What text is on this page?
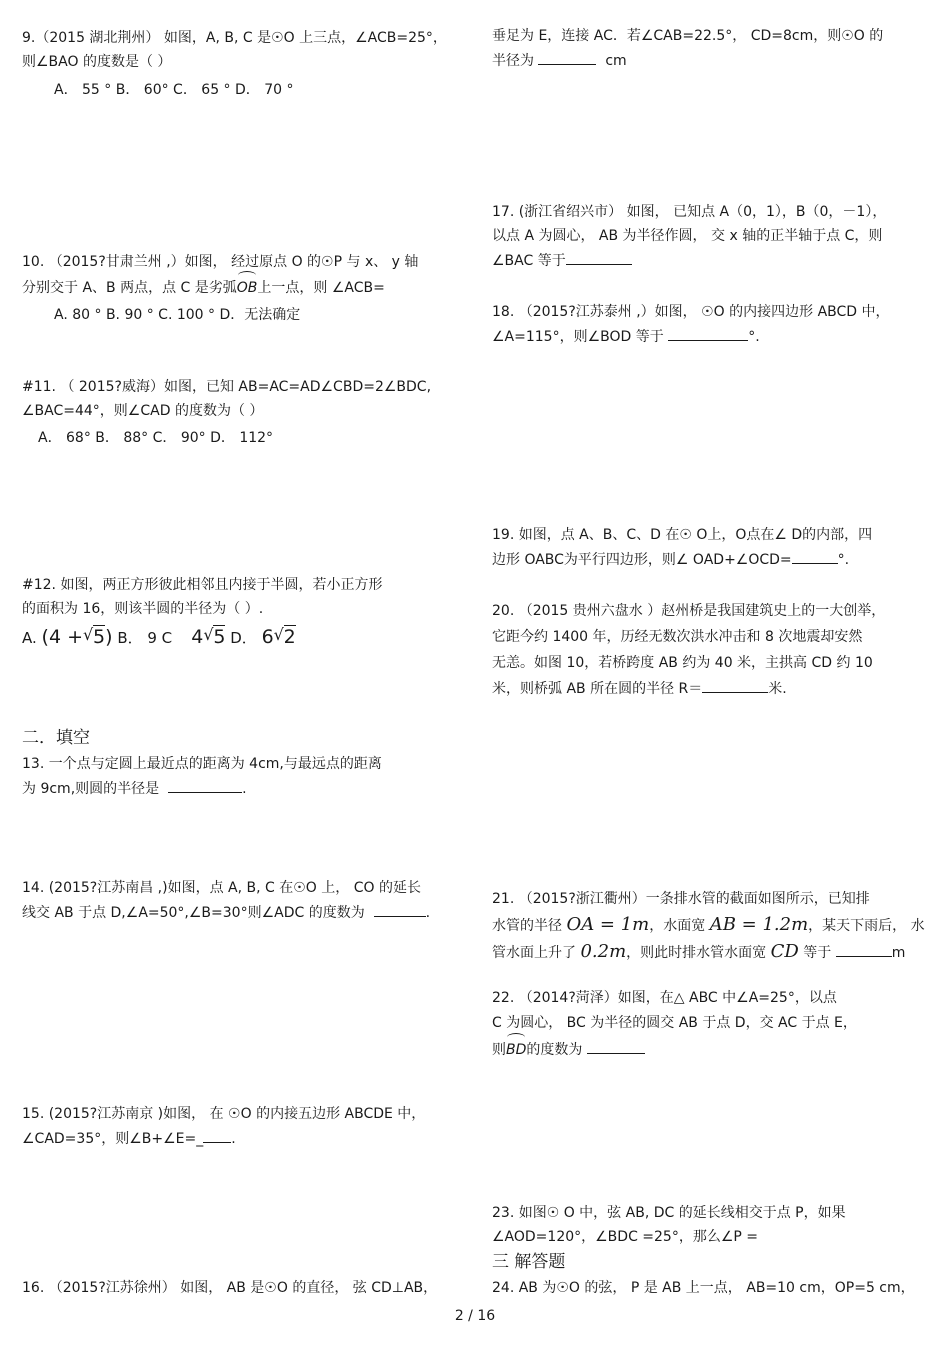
9.（2015 湖北荆州） 如图，A, B, C 是☉O 上三点，∠ACB=25°，
则∠BAO 的度数是（ ）
A． 55 ° B． 60° C． 65 ° D． 70 °
10. （2015?甘肃兰州 ,）如图， 经过原点 O 的☉P 与 x、 y 轴
分别交于 A、B 两点，点 C 是劣弧OB上一点，则 ∠ACB=
A. 80 ° B. 90 ° C. 100 ° D．无法确定
#11. （ 2015?威海）如图，已知 AB=AC=AD∠CBD=2∠BDC,
∠BAC=44°，则∠CAD 的度数为（ ）
A． 68° B． 88° C． 90° D． 112°
#12. 如图，两正方形彼此相邻且内接于半圆，若小正方形
的面积为 16，则该半圆的半径为（ ）.
A. (4 + √ 5) B． 9 C 4 √ 5 D． 6 √ 2
二．填空
13. 一个点与定圆上最近点的距离为 4cm,与最远点的距离
为 9cm,则圆的半径是	.
14. (2015?江苏南昌 ,)如图，点 A, B, C 在☉O 上， CO 的延长
线交 AB 于点 D,∠A=50°,∠B=30°则∠ADC 的度数为	.
15. (2015?江苏南京 )如图， 在 ☉O 的内接五边形 ABCDE 中，
∠CAD=35°，则∠B+∠E=_ .
16. （2015?江苏徐州） 如图， AB 是☉O 的直径， 弦 CD⊥AB，
垂足为 E，连接 AC．若∠CAB=22.5°， CD=8cm，则☉O 的
半径为	cm
17. (浙江省绍兴市） 如图， 已知点 A（0，1），B（0，－1），
以点 A 为圆心， AB 为半径作圆， 交 x 轴的正半轴于点 C，则
∠BAC 等于
18. （2015?江苏泰州 ,）如图， ☉O 的内接四边形 ABCD 中，
∠A=115°，则∠BOD 等于	°.
19. 如图，点 A、B、C、D 在☉ O上，O点在∠ D的内部，四
边形 OABC为平行四边形，则∠ OAD+∠OCD=	°.
20. （2015 贵州六盘水 ）赵州桥是我国建筑史上的一大创举，
它距今约 1400 年，历经无数次洪水冲击和 8 次地震却安然
无恙。如图 10，若桥跨度 AB 约为 40 米，主拱高 CD 约 10
米，则桥弧 AB 所在圆的半径 R＝	米.
21. （2015?浙江衢州）一条排水管的截面如图所示，已知排
水管的半径 OA = 1m，水面宽 AB = 1.2m，某天下雨后， 水
管水面上升了 0.2m，则此时排水管水面宽 CD 等于	m
22. （2014?菏泽）如图，在△ ABC 中∠A=25°，以点
C 为圆心， BC 为半径的圆交 AB 于点 D，交 AC 于点 E，
则BD的度数为
23. 如图☉ O 中，弦 AB, DC 的延长线相交于点 P，如果
∠AOD=120°，∠BDC =25°，那么∠P =
三 解答题
24. AB 为☉O 的弦， P 是 AB 上一点， AB=10 cm，OP=5 cm，
2 / 16
